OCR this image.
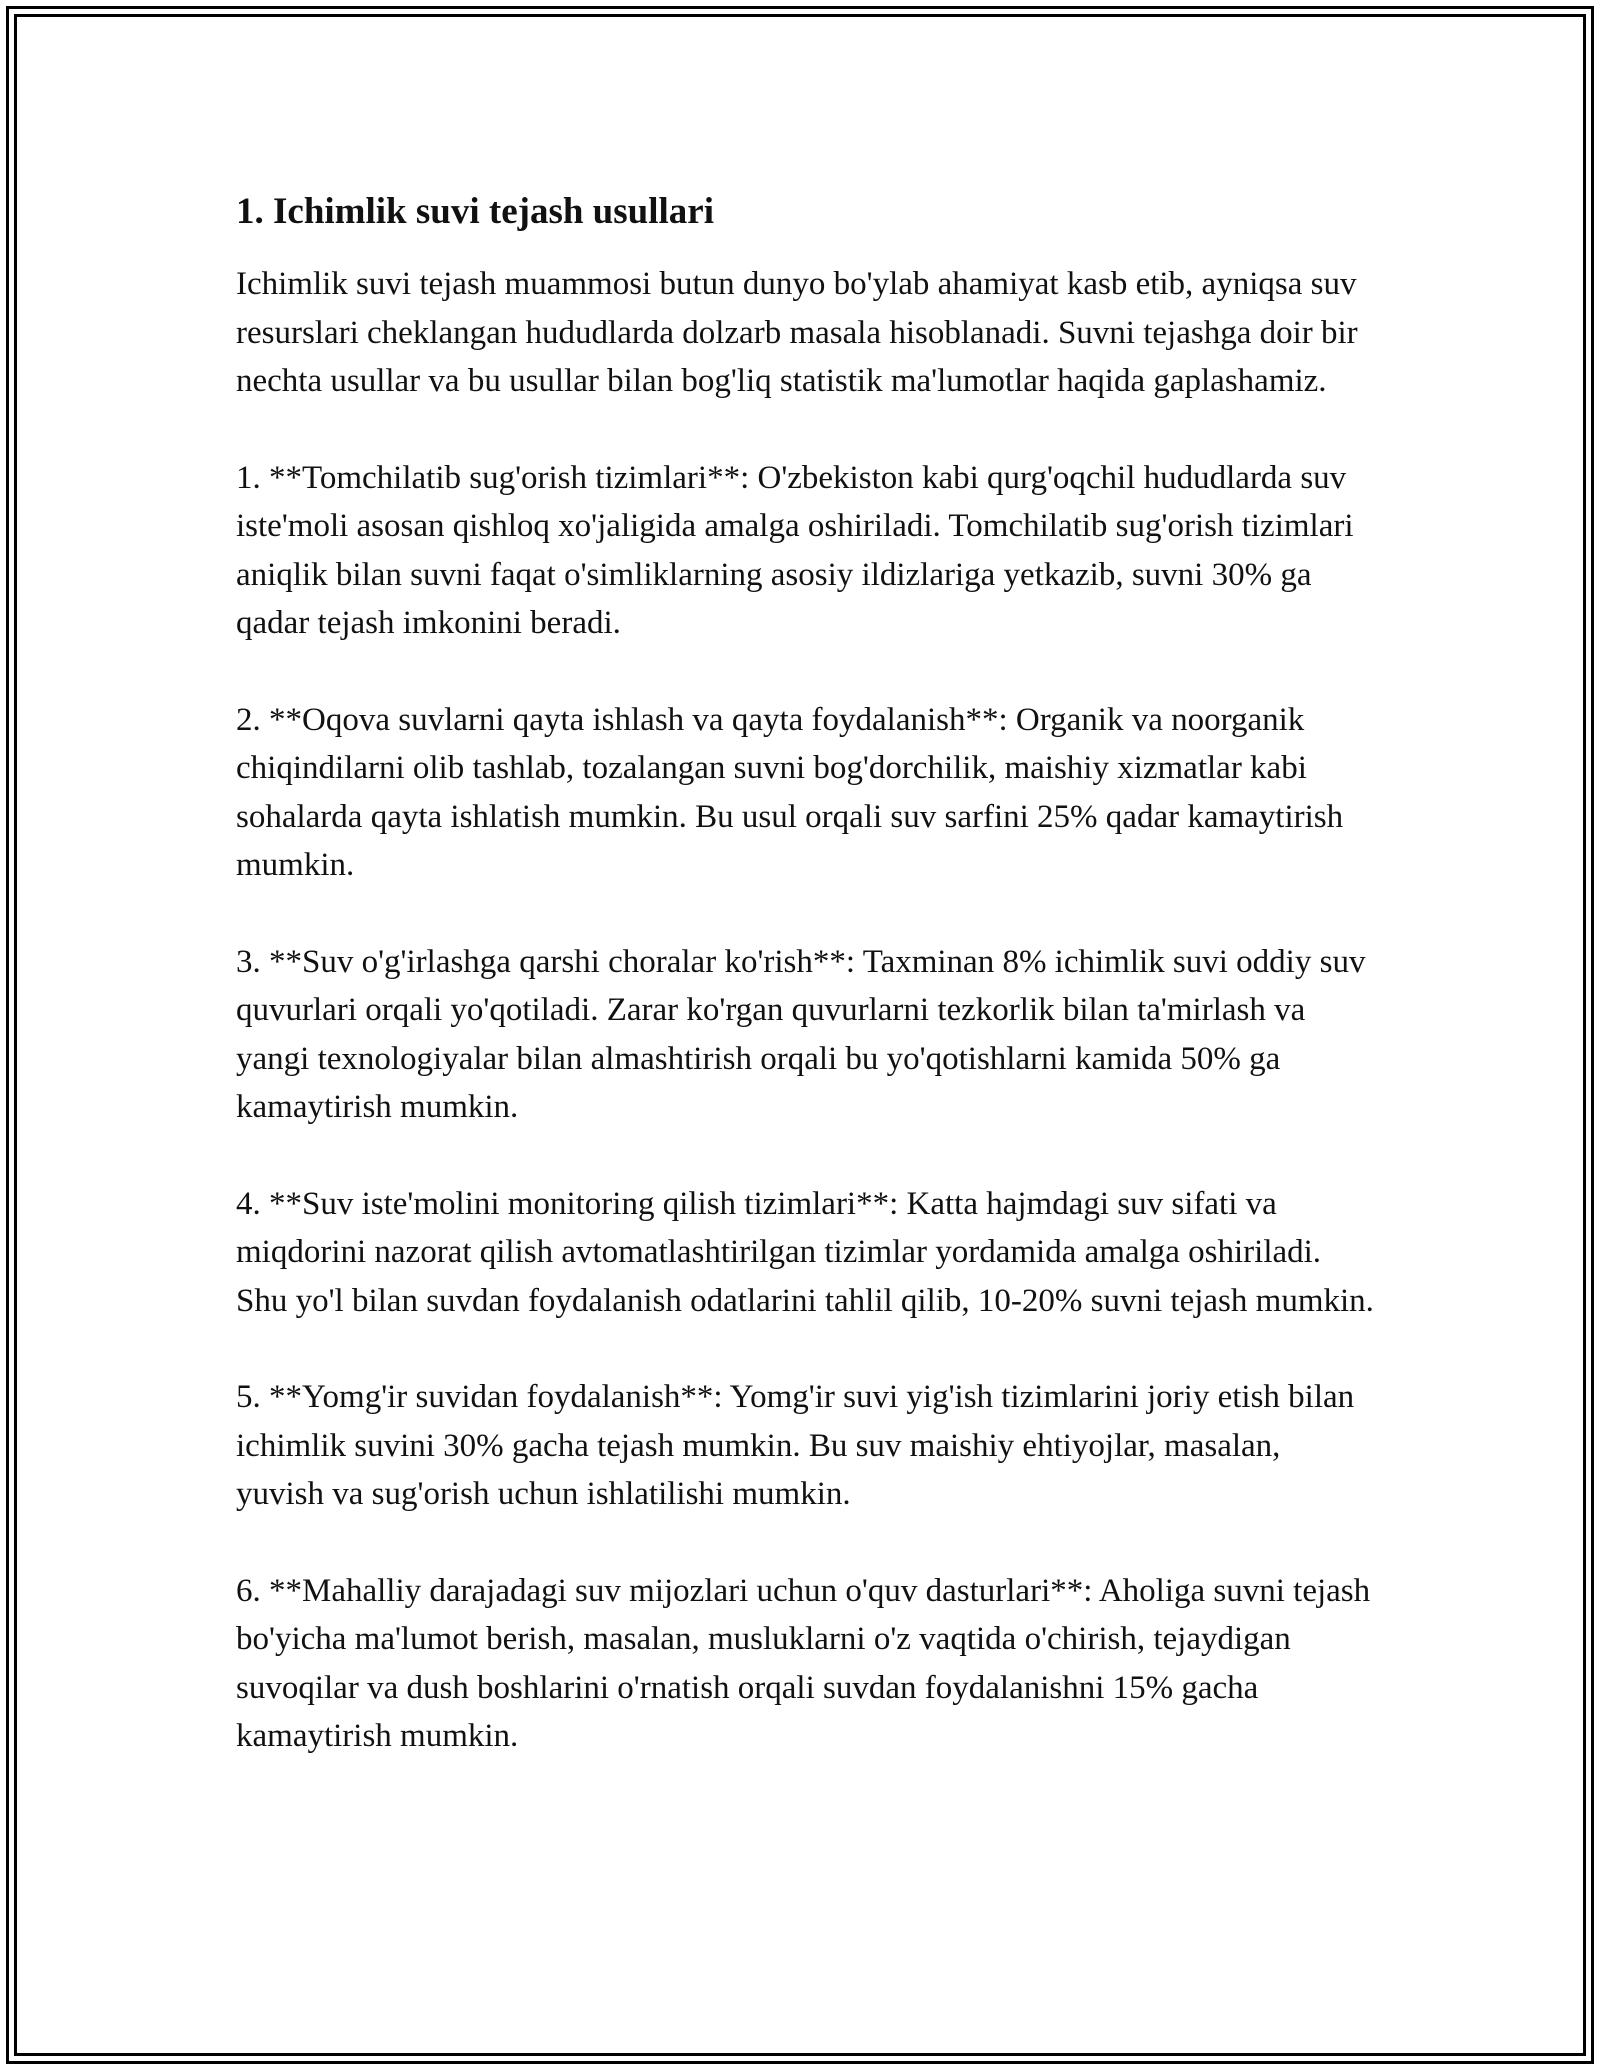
1. Ichimlik suvi tejash usullari

Ichimlik suvi tejash muammosi butun dunyo bo'ylab ahamiyat kasb etib, ayniqsa suv resurslari cheklangan hududlarda dolzarb masala hisoblanadi. Suvni tejashga doir bir nechta usullar va bu usullar bilan bog'liq statistik ma'lumotlar haqida gaplashamiz.

1. **Tomchilatib sug'orish tizimlari**: O'zbekiston kabi qurg'oqchil hududlarda suv iste'moli asosan qishloq xo'jaligida amalga oshiriladi. Tomchilatib sug'orish tizimlari aniqlik bilan suvni faqat o'simliklarning asosiy ildizlariga yetkazib, suvni 30% ga qadar tejash imkonini beradi.

2. **Oqova suvlarni qayta ishlash va qayta foydalanish**: Organik va noorganik chiqindilarni olib tashlab, tozalangan suvni bog'dorchilik, maishiy xizmatlar kabi sohalarda qayta ishlatish mumkin. Bu usul orqali suv sarfini 25% qadar kamaytirish mumkin.

3. **Suv o'g'irlashga qarshi choralar ko'rish**: Taxminan 8% ichimlik suvi oddiy suv quvurlari orqali yo'qotiladi. Zarar ko'rgan quvurlarni tezkorlik bilan ta'mirlash va yangi texnologiyalar bilan almashtirish orqali bu yo'qotishlarni kamida 50% ga kamaytirish mumkin.

4. **Suv iste'molini monitoring qilish tizimlari**: Katta hajmdagi suv sifati va miqdorini nazorat qilish avtomatlashtirilgan tizimlar yordamida amalga oshiriladi. Shu yo'l bilan suvdan foydalanish odatlarini tahlil qilib, 10-20% suvni tejash mumkin.

5. **Yomg'ir suvidan foydalanish**: Yomg'ir suvi yig'ish tizimlarini joriy etish bilan ichimlik suvini 30% gacha tejash mumkin. Bu suv maishiy ehtiyojlar, masalan, yuvish va sug'orish uchun ishlatilishi mumkin.

6. **Mahalliy darajadagi suv mijozlari uchun o'quv dasturlari**: Aholiga suvni tejash bo'yicha ma'lumot berish, masalan, musluklarni o'z vaqtida o'chirish, tejaydigan suvoqilar va dush boshlarini o'rnatish orqali suvdan foydalanishni 15% gacha kamaytirish mumkin.
